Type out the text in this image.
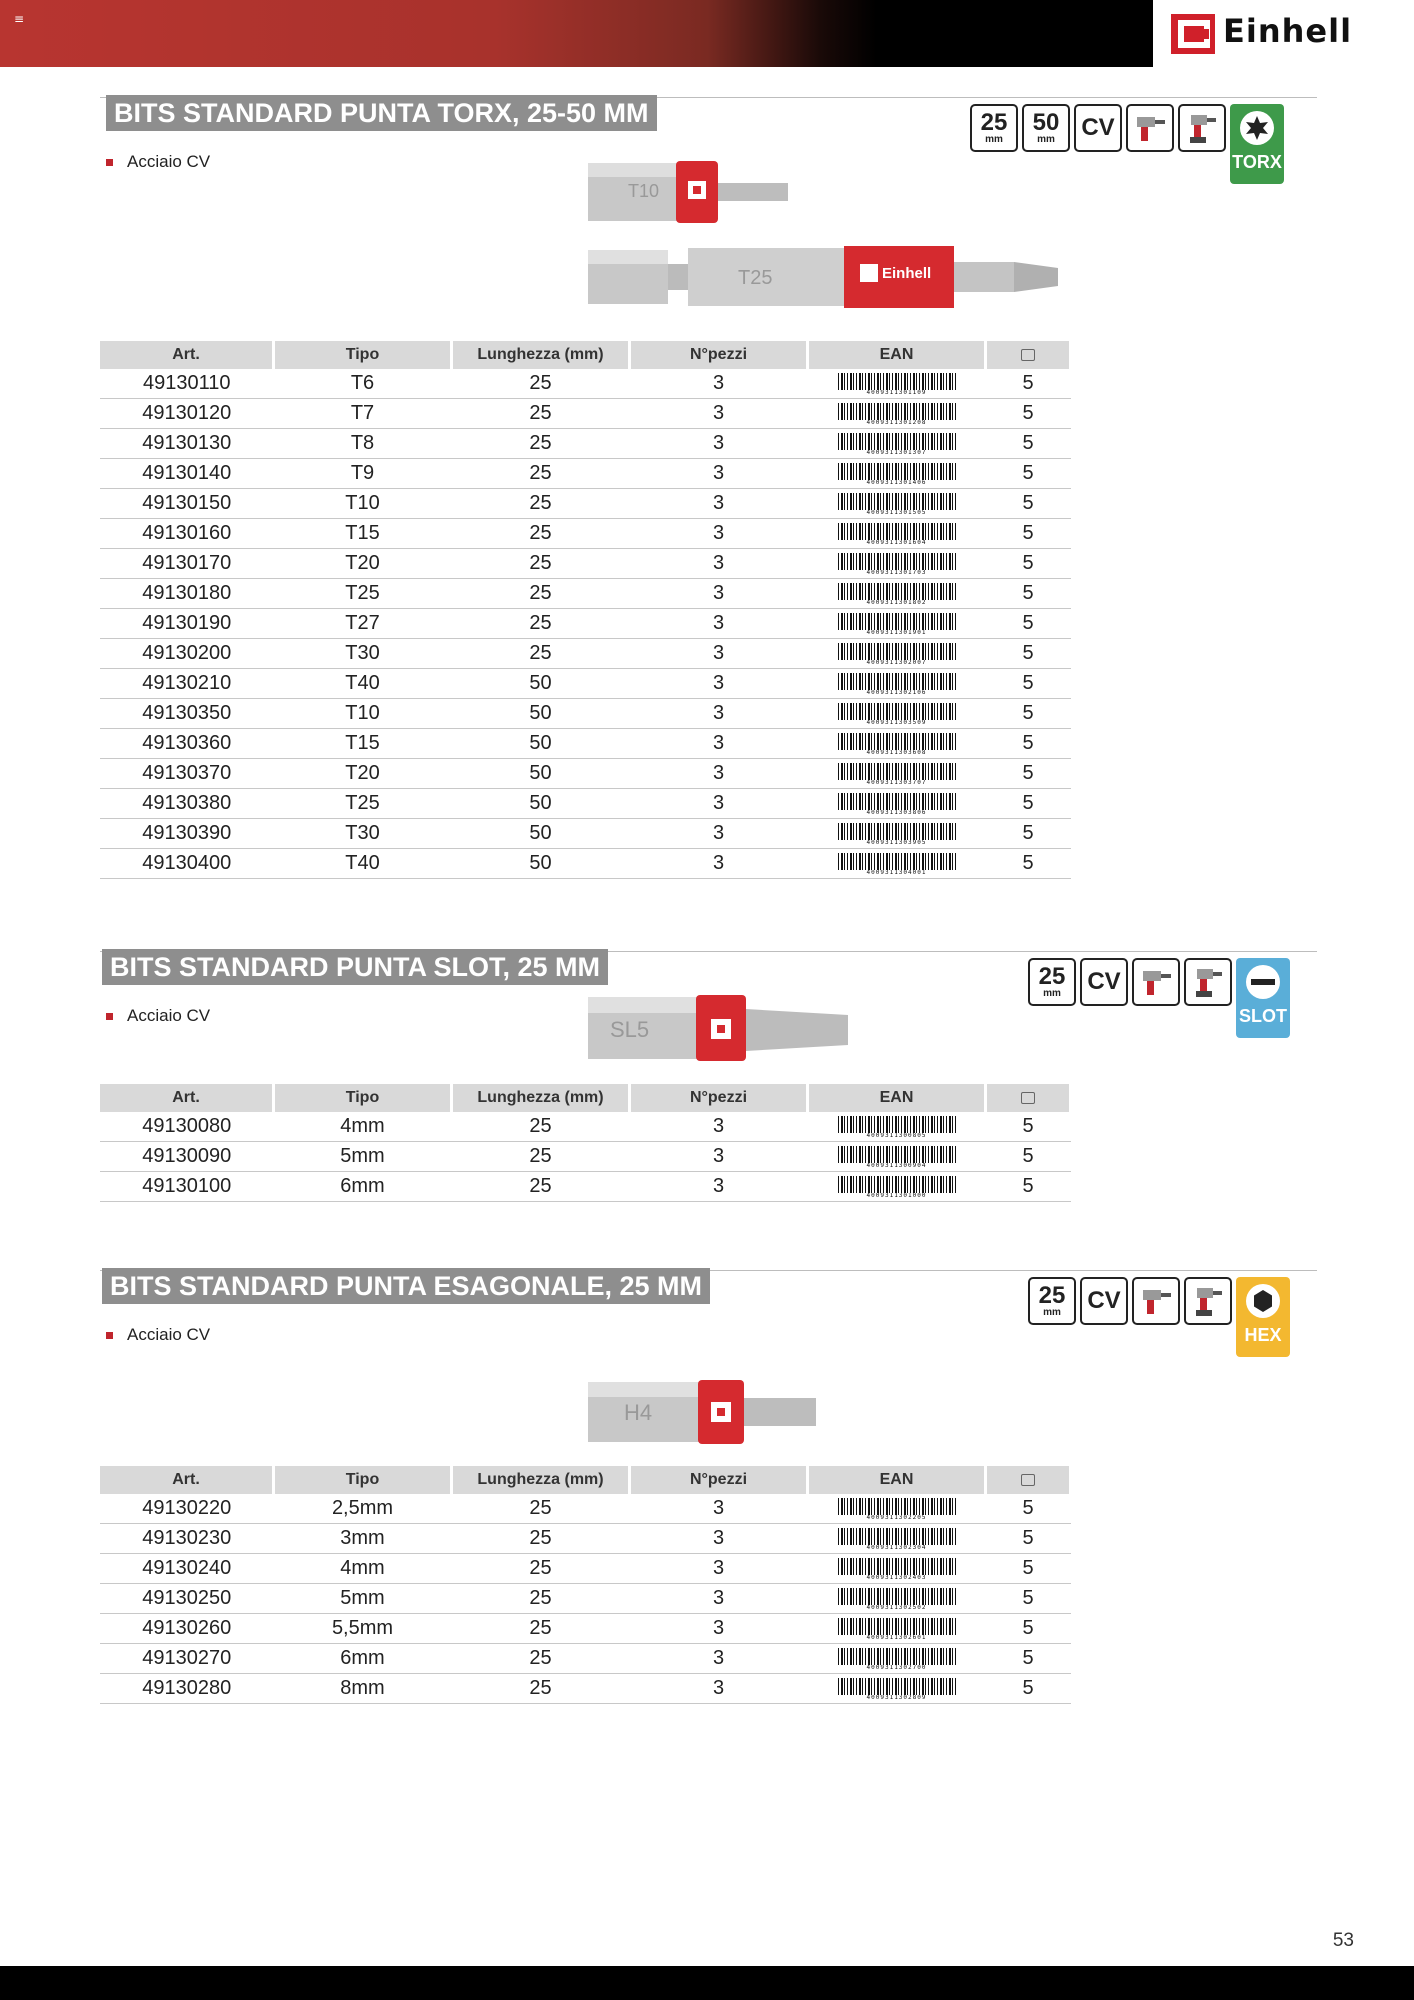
≡	Einhell
BITS STANDARD PUNTA TORX, 25-50 MM
Acciaio CV
25
mm
50
mm	CV
TORX
T10
Einhell
T25
Art.	Tipo	Lunghezza (mm)	N°pezzi	EAN	
49130110	T6	25	3	4009311301109	5
49130120	T7	25	3	4009311301208	5
49130130	T8	25	3	4009311301307	5
49130140	T9	25	3	4009311301406	5
49130150	T10	25	3	4009311301505	5
49130160	T15	25	3	4009311301604	5
49130170	T20	25	3	4009311301703	5
49130180	T25	25	3	4009311301802	5
49130190	T27	25	3	4009311301901	5
49130200	T30	25	3	4009311302007	5
49130210	T40	50	3	4009311302106	5
49130350	T10	50	3	4009311303509	5
49130360	T15	50	3	4009311303608	5
49130370	T20	50	3	4009311303707	5
49130380	T25	50	3	4009311303806	5
49130390	T30	50	3	4009311303905	5
49130400	T40	50	3	4009311304001	5
BITS STANDARD PUNTA SLOT, 25 MM
Acciaio CV
25
mm	CV
SLOT
SL5
Art.	Tipo	Lunghezza (mm)	N°pezzi	EAN	
49130080	4mm	25	3	4009311300805	5
49130090	5mm	25	3	4009311300904	5
49130100	6mm	25	3	4009311301000	5
BITS STANDARD PUNTA ESAGONALE, 25 MM
Acciaio CV
25
mm	CV
HEX
H4
Art.	Tipo	Lunghezza (mm)	N°pezzi	EAN	
49130220	2,5mm	25	3	4009311302205	5
49130230	3mm	25	3	4009311302304	5
49130240	4mm	25	3	4009311302403	5
49130250	5mm	25	3	4009311302502	5
49130260	5,5mm	25	3	4009311302601	5
49130270	6mm	25	3	4009311302700	5
49130280	8mm	25	3	4009311302809	5
53
